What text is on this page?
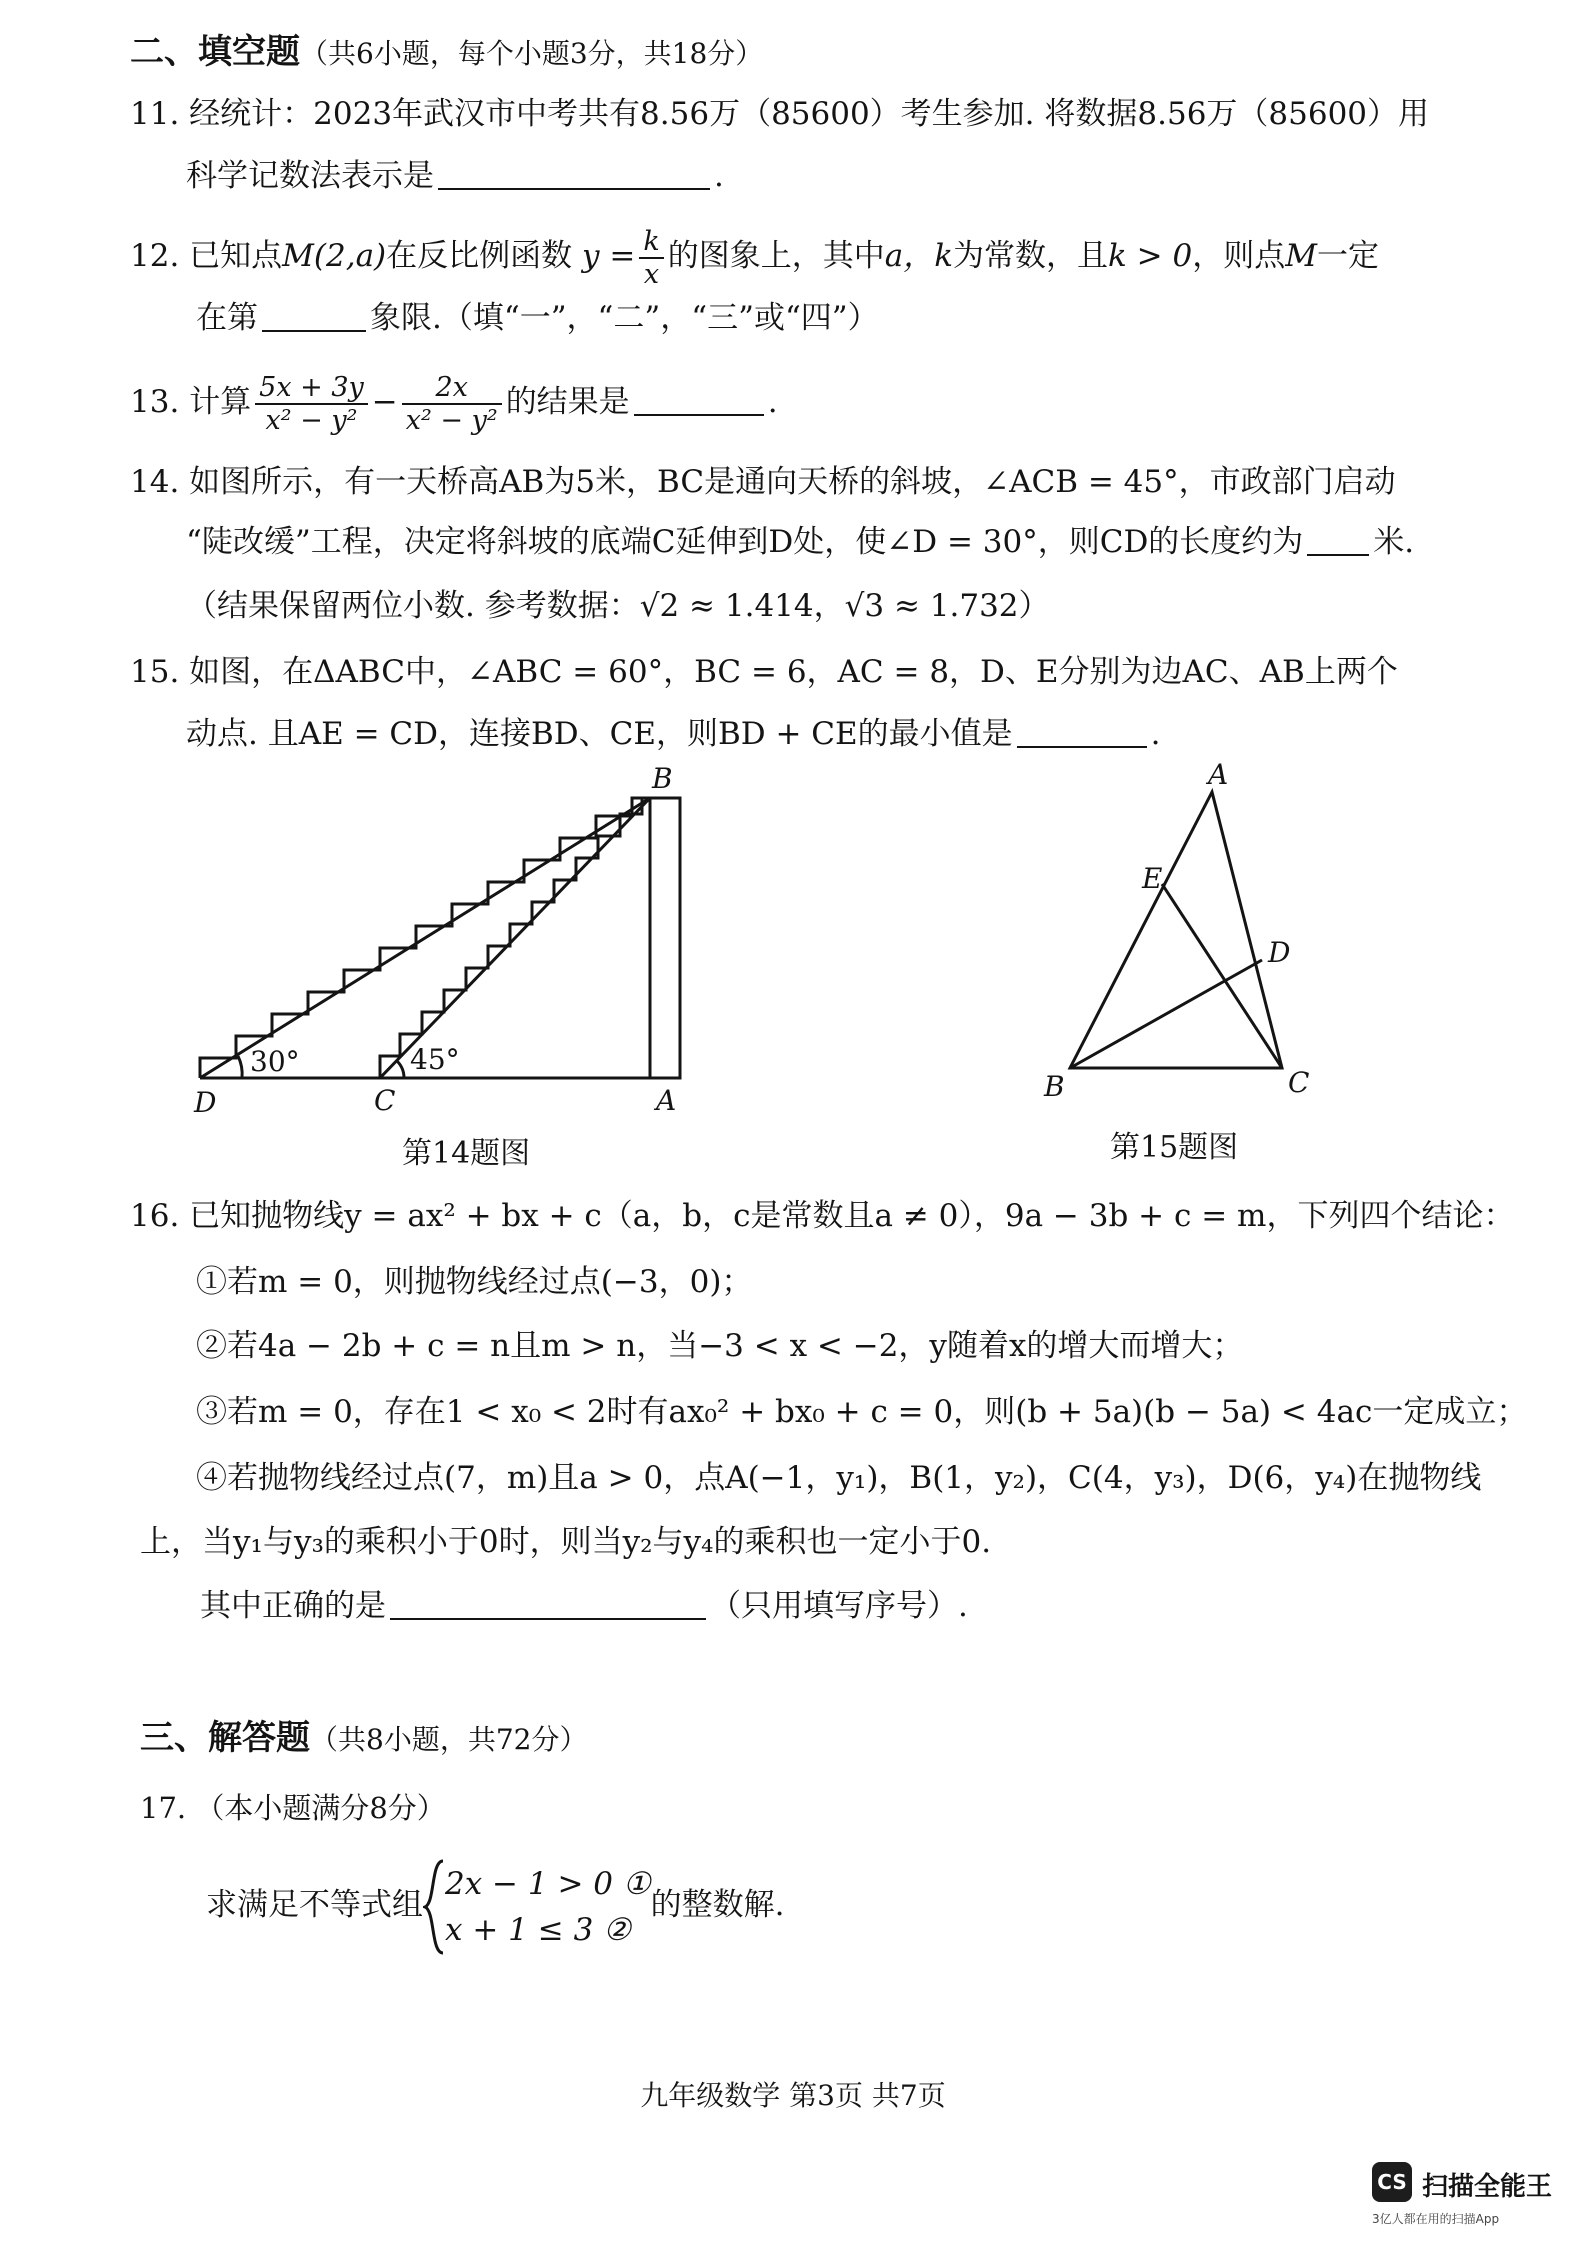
二、填空题（共6小题，每个小题3分，共18分）
11. 经统计：2023年武汉市中考共有8.56万（85600）考生参加. 将数据8.56万（85600）用
科学记数法表示是	.
12. 已知点M(2,a)在反比例函数 $y = \frac{k}{x}$ 的图象上，其中a，k为常数，且k > 0，则点M一定
在第	象限.（填“一”，“二”，“三”或“四”）
13. 计算 $\frac{5x + 3y}{\text{x² − y²}} - \frac{2x}{\text{x² − y²}}$ 的结果是	.
14. 如图所示，有一天桥高AB为5米，BC是通向天桥的斜坡，∠ACB = 45°，市政部门启动
“陡改缓”工程，决定将斜坡的底端C延伸到D处，使∠D = 30°，则CD的长度约为 米.
（结果保留两位小数. 参考数据：√2 ≈ 1.414，√3 ≈ 1.732）
15. 如图，在ΔABC中，∠ABC = 60°，BC = 6，AC = 8，D、E分别为边AC、AB上两个
动点. 且AE = CD，连接BD、CE，则BD + CE的最小值是	.
30°	45°
B
D	C	A
第14题图
A
E
D
B	C
第15题图
16. 已知抛物线y = ax² + bx + c（a，b，c是常数且a ≠ 0），9a − 3b + c = m，下列四个结论：
①若m = 0，则抛物线经过点(−3，0)；
②若4a − 2b + c = n且m > n，当−3 < x < −2，y随着x的增大而增大；
③若m = 0，存在1 < x₀ < 2时有ax₀² + bx₀ + c = 0，则(b + 5a)(b − 5a) < 4ac一定成立；
④若抛物线经过点(7，m)且a > 0，点A(−1，y₁)，B(1，y₂)，C(4，y₃)，D(6，y₄)在抛物线
上，当y₁与y₃的乘积小于0时，则当y₂与y₄的乘积也一定小于0.
其中正确的是	（只用填写序号）.
三、解答题（共8小题，共72分）
17. （本小题满分8分）
求满足不等式组
2x − 1 > 0 ①
x + 1 ≤ 3 ②
的整数解.
九年级数学 第3页 共7页
CS 扫描全能王
3亿人都在用的扫描App
